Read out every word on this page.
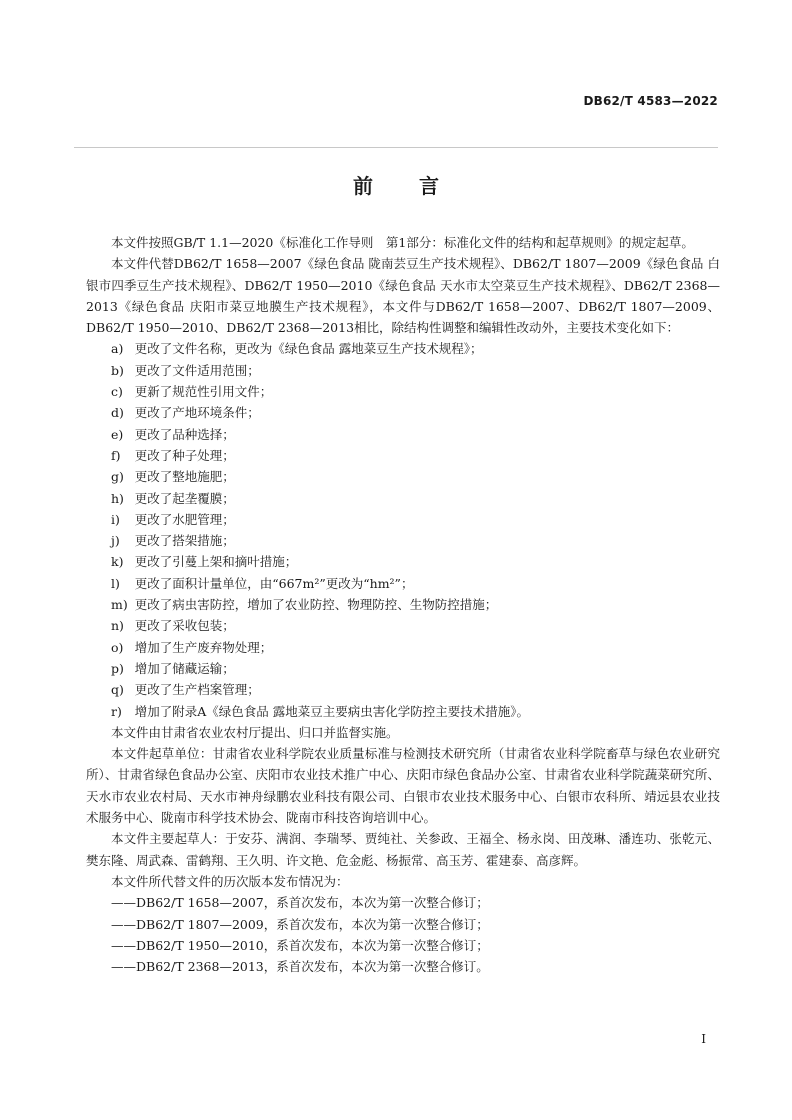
DB62/T 4583—2022
前言

本文件按照GB/T 1.1—2020《标准化工作导则　第1部分：标准化文件的结构和起草规则》的规定起草。

本文件代替DB62/T 1658—2007《绿色食品 陇南芸豆生产技术规程》、DB62/T 1807—2009《绿色食品 白银市四季豆生产技术规程》、DB62/T 1950—2010《绿色食品 天水市太空菜豆生产技术规程》、DB62/T 2368—2013《绿色食品 庆阳市菜豆地膜生产技术规程》，本文件与DB62/T 1658—2007、DB62/T 1807—2009、DB62/T 1950—2010、DB62/T 2368—2013相比，除结构性调整和编辑性改动外，主要技术变化如下：

a) 更改了文件名称，更改为《绿色食品 露地菜豆生产技术规程》；

b) 更改了文件适用范围；

c) 更新了规范性引用文件；

d) 更改了产地环境条件；

e) 更改了品种选择；

f) 更改了种子处理；

g) 更改了整地施肥；

h) 更改了起垄覆膜；

i) 更改了水肥管理；

j) 更改了搭架措施；

k) 更改了引蔓上架和摘叶措施；

l) 更改了面积计量单位，由“667m²”更改为“hm²”；

m) 更改了病虫害防控，增加了农业防控、物理防控、生物防控措施；

n) 更改了采收包装；

o) 增加了生产废弃物处理；

p) 增加了储藏运输；

q) 更改了生产档案管理；

r) 增加了附录A《绿色食品 露地菜豆主要病虫害化学防控主要技术措施》。

本文件由甘肃省农业农村厅提出、归口并监督实施。

本文件起草单位：甘肃省农业科学院农业质量标准与检测技术研究所（甘肃省农业科学院畜草与绿色农业研究所）、甘肃省绿色食品办公室、庆阳市农业技术推广中心、庆阳市绿色食品办公室、甘肃省农业科学院蔬菜研究所、天水市农业农村局、天水市神舟绿鹏农业科技有限公司、白银市农业技术服务中心、白银市农科所、靖远县农业技术服务中心、陇南市科学技术协会、陇南市科技咨询培训中心。

本文件主要起草人：于安芬、满润、李瑞琴、贾纯社、关参政、王福全、杨永岗、田茂琳、潘连功、张乾元、樊东隆、周武森、雷鹤翔、王久明、许文艳、危金彪、杨振常、高玉芳、霍建泰、高彦辉。

本文件所代替文件的历次版本发布情况为：

——DB62/T 1658—2007，系首次发布，本次为第一次整合修订；

——DB62/T 1807—2009，系首次发布，本次为第一次整合修订；

——DB62/T 1950—2010，系首次发布，本次为第一次整合修订；

——DB62/T 2368—2013，系首次发布，本次为第一次整合修订。

I
